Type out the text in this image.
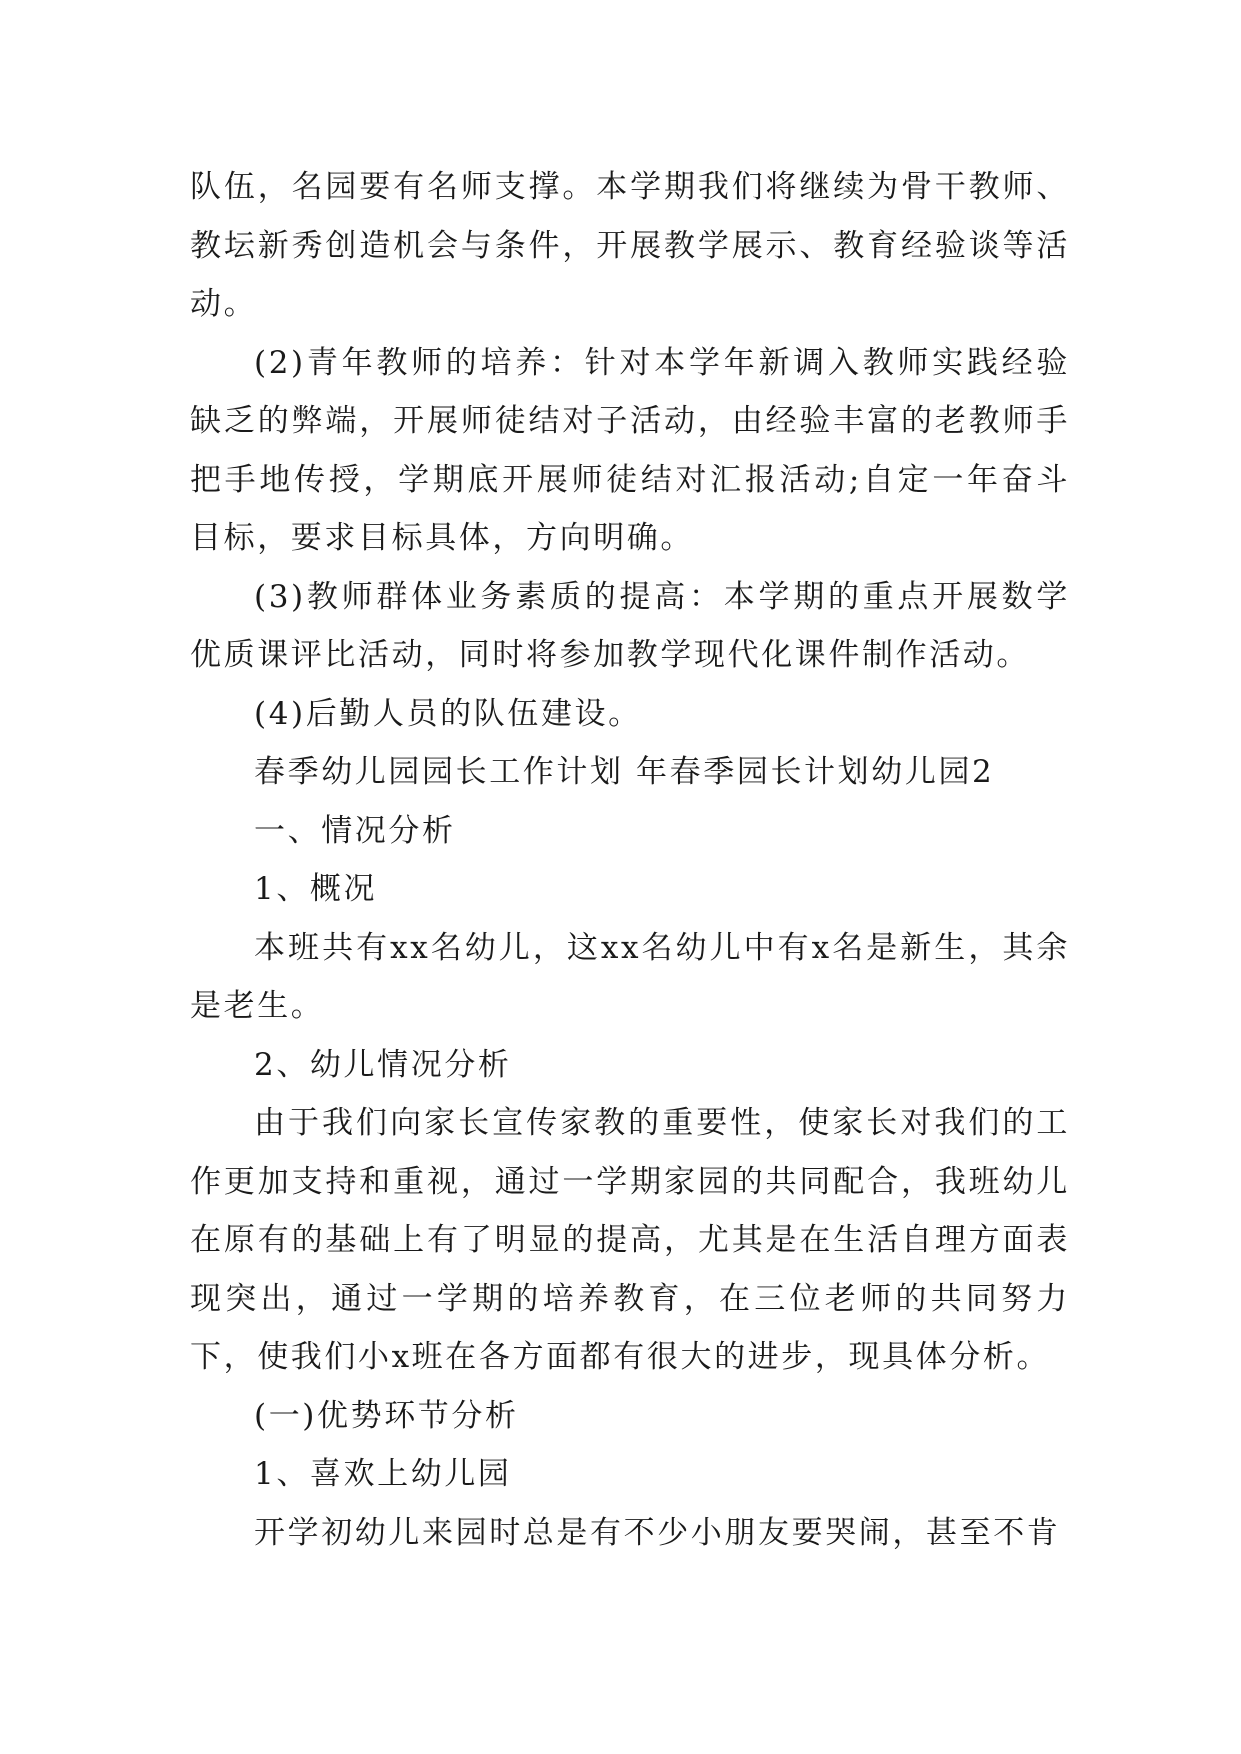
队伍，名园要有名师支撑。本学期我们将继续为骨干教师、教坛新秀创造机会与条件，开展教学展示、教育经验谈等活动。

(2)青年教师的培养：针对本学年新调入教师实践经验缺乏的弊端，开展师徒结对子活动，由经验丰富的老教师手把手地传授，学期底开展师徒结对汇报活动;自定一年奋斗目标，要求目标具体，方向明确。

(3)教师群体业务素质的提高：本学期的重点开展数学优质课评比活动，同时将参加教学现代化课件制作活动。

(4)后勤人员的队伍建设。

春季幼儿园园长工作计划 年春季园长计划幼儿园2

一、情况分析

1、概况

本班共有xx名幼儿，这xx名幼儿中有x名是新生，其余是老生。

2、幼儿情况分析

由于我们向家长宣传家教的重要性，使家长对我们的工作更加支持和重视，通过一学期家园的共同配合，我班幼儿在原有的基础上有了明显的提高，尤其是在生活自理方面表现突出，通过一学期的培养教育，在三位老师的共同努力下，使我们小x班在各方面都有很大的进步，现具体分析。

(一)优势环节分析

1、喜欢上幼儿园

开学初幼儿来园时总是有不少小朋友要哭闹，甚至不肯
